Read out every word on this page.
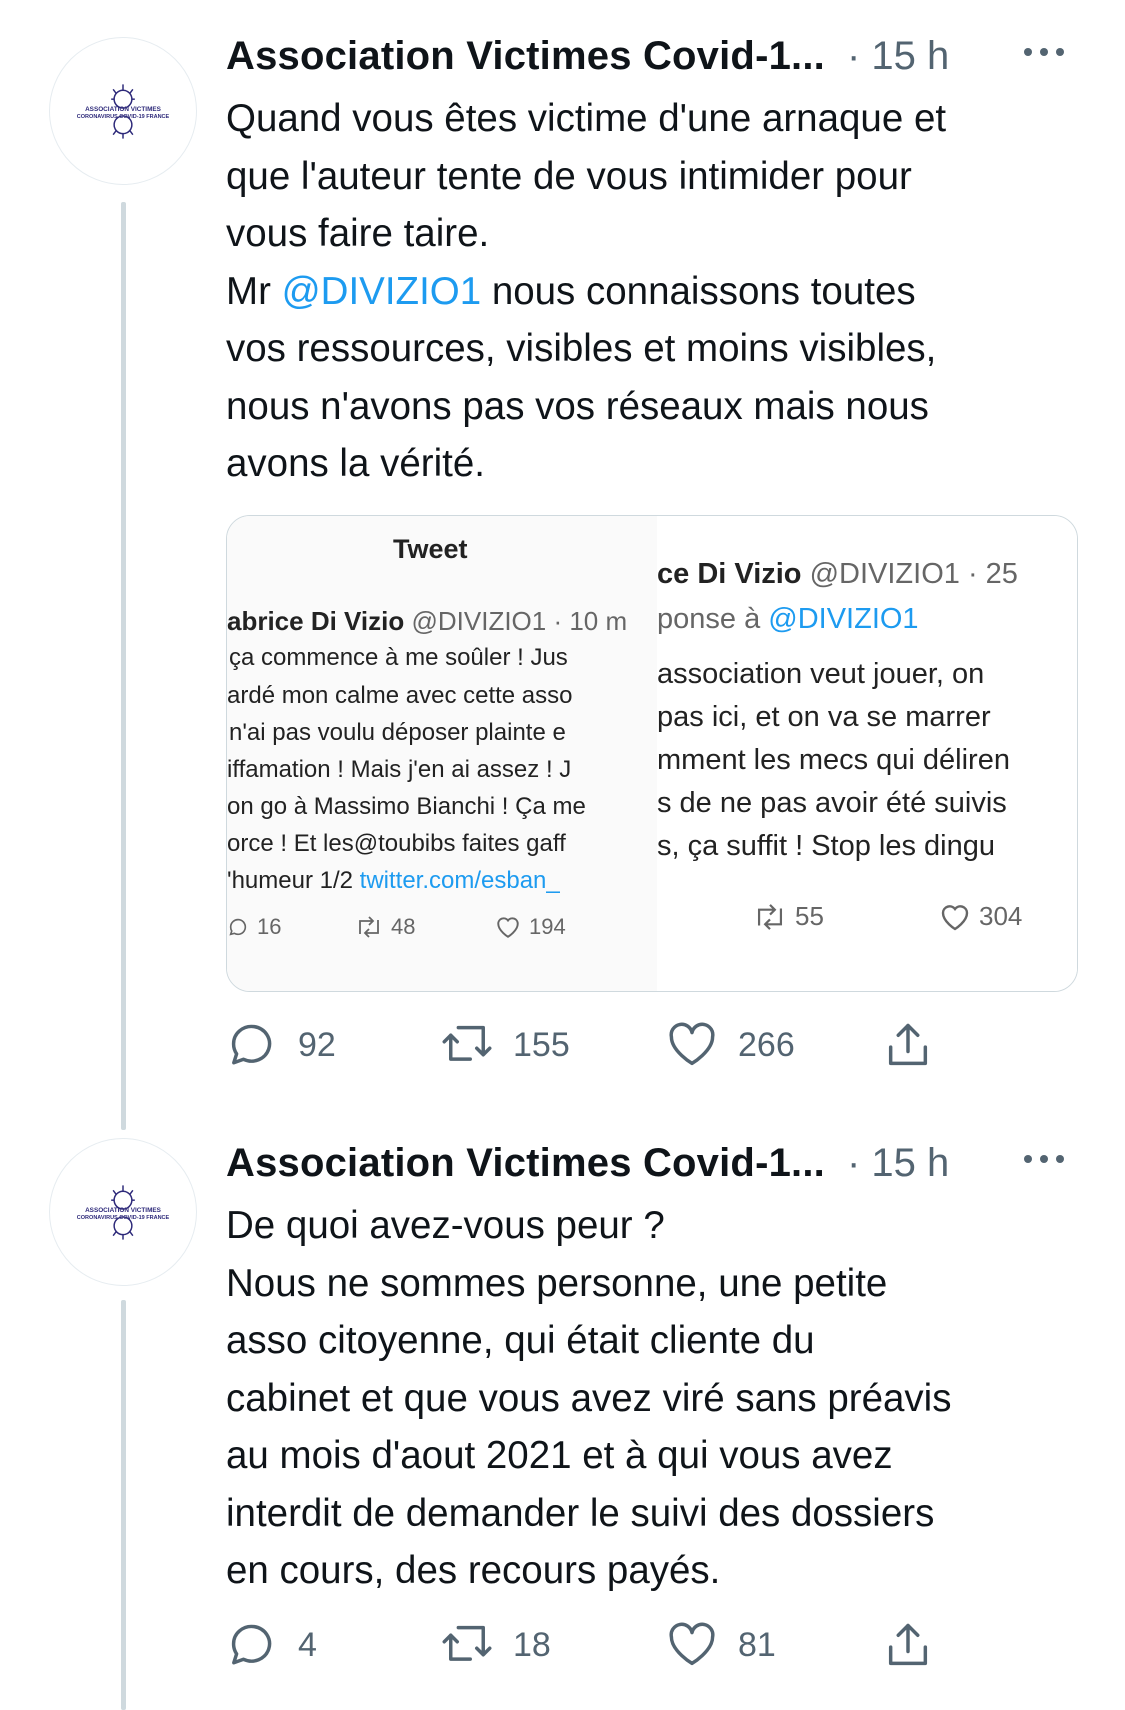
ASSOCIATION VICTIMES
CORONAVIRUS COVID-19 FRANCE
Association Victimes Covid-1... · 15 h
Quand vous êtes victime d'une arnaque et
que l'auteur tente de vous intimider pour
vous faire taire.
Mr @DIVIZIO1 nous connaissons toutes
vos ressources, visibles et moins visibles,
nous n'avons pas vos réseaux mais nous
avons la vérité.
Tweet
abrice Di Vizio @DIVIZIO1 · 10 m
ça commence à me soûler ! Jus
ardé mon calme avec cette asso
n'ai pas voulu déposer plainte e
iffamation ! Mais j'en ai assez ! J
on go à Massimo Bianchi ! Ça me
orce ! Et les@toubibs faites gaff
'humeur 1/2 twitter.com/esban_
16	48	194
ce Di Vizio @DIVIZIO1 · 25
ponse à @DIVIZIO1
association veut jouer, on
pas ici, et on va se marrer
mment les mecs qui déliren
s de ne pas avoir été suivis
s, ça suffit ! Stop les dingu
55	304
92	155	266
ASSOCIATION VICTIMES
CORONAVIRUS COVID-19 FRANCE
Association Victimes Covid-1... · 15 h
De quoi avez-vous peur ?
Nous ne sommes personne, une petite
asso citoyenne, qui était cliente du
cabinet et que vous avez viré sans préavis
au mois d'aout 2021 et à qui vous avez
interdit de demander le suivi des dossiers
en cours, des recours payés.
4	18	81
